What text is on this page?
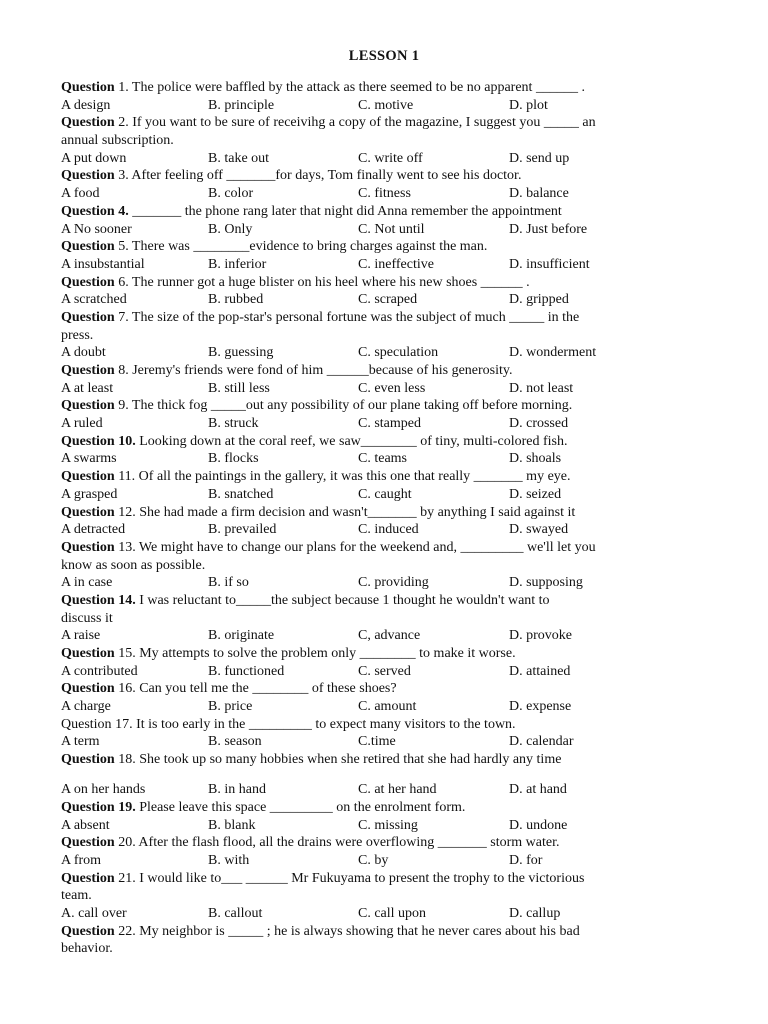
LESSON 1
Question 1. The police were baffled by the attack as there seemed to be no apparent ______ .
A design	B. principle	C. motive	D. plot
Question 2. If you want to be sure of receivihg a copy of the magazine, I suggest you _____ an
annual subscription.
A put down	B. take out	C. write off	D. send up
Question 3. After feeling off _______for days, Tom finally went to see his doctor.
A food	B. color	C. fitness	D. balance
Question 4. _______ the phone rang later that night did Anna remember the appointment
A No sooner	B. Only	C. Not until	D. Just before
Question 5. There was ________evidence to bring charges against the man.
A insubstantial	B. inferior	C. ineffective	D. insufficient
Question 6. The runner got a huge blister on his heel where his new shoes ______ .
A scratched	B. rubbed	C. scraped	D. gripped
Question 7. The size of the pop-star's personal fortune was the subject of much _____ in the
press.
A doubt	B. guessing	C. speculation	D. wonderment
Question 8. Jeremy's friends were fond of him ______because of his generosity.
A at least	B. still less	C. even less	D. not least
Question 9. The thick fog _____out any possibility of our plane taking off before morning.
A ruled	B. struck	C. stamped	D. crossed
Question 10. Looking down at the coral reef, we saw________ of tiny, multi-colored fish.
A swarms	B. flocks	C. teams	D. shoals
Question 11. Of all the paintings in the gallery, it was this one that really _______ my eye.
A grasped	B. snatched	C. caught	D. seized
Question 12. She had made a firm decision and wasn't_______ by anything I said against it
A detracted	B. prevailed	C. induced	D. swayed
Question 13. We might have to change our plans for the weekend and, _________ we'll let you
know as soon as possible.
A in case	B. if so	C. providing	D. supposing
Question 14. I was reluctant to_____the subject because 1 thought he wouldn't want to
discuss it
A raise	B. originate	C, advance	D. provoke
Question 15. My attempts to solve the problem only ________ to make it worse.
A contributed	B. functioned	C. served	D. attained
Question 16. Can you tell me the ________ of these shoes?
A charge	B. price	C. amount	D. expense
Question 17. It is too early in the _________ to expect many visitors to the town.
A term	B. season	C.time	D. calendar
Question 18. She took up so many hobbies when she retired that she had hardly any time
A on her hands	B. in hand	C. at her hand	D. at hand
Question 19. Please leave this space _________ on the enrolment form.
A absent	B. blank	C. missing	D. undone
Question 20. After the flash flood, all the drains were overflowing _______ storm water.
A from	B. with	C. by	D. for
Question 21. I would like to___ ______ Mr Fukuyama to present the trophy to the victorious
team.
A. call over	B. callout	C. call upon	D. callup
Question 22. My neighbor is _____ ; he is always showing that he never cares about his bad
behavior.
